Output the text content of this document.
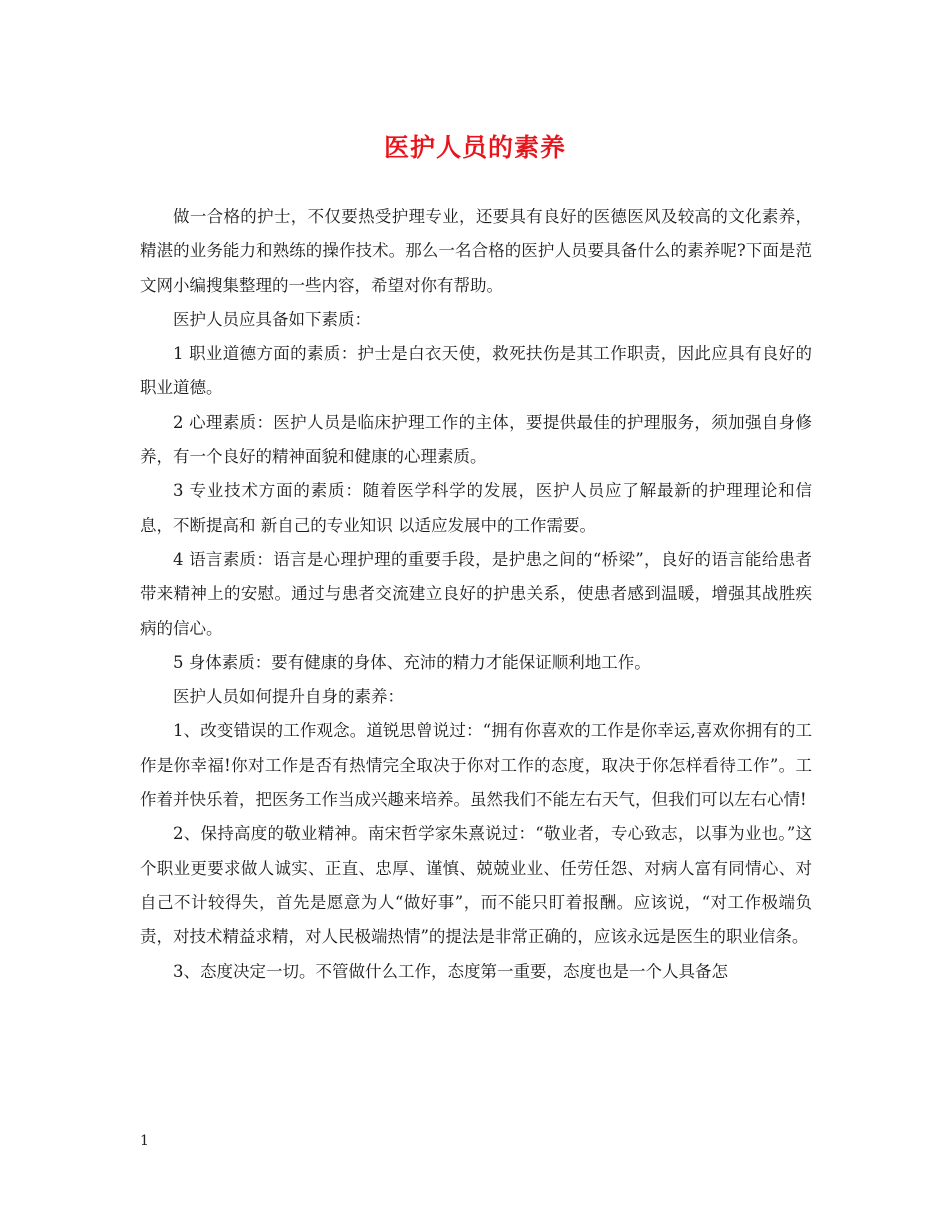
医护人员的素养

做一合格的护士，不仅要热受护理专业，还要具有良好的医德医风及较高的文化素养，精湛的业务能力和熟练的操作技术。那么一名合格的医护人员要具备什么的素养呢?下面是范文网小编搜集整理的一些内容，希望对你有帮助。

医护人员应具备如下素质：

1 职业道德方面的素质：护士是白衣天使，救死扶伤是其工作职责，因此应具有良好的职业道德。

2 心理素质：医护人员是临床护理工作的主体，要提供最佳的护理服务，须加强自身修养，有一个良好的精神面貌和健康的心理素质。

3 专业技术方面的素质：随着医学科学的发展，医护人员应了解最新的护理理论和信息，不断提高和 新自己的专业知识 以适应发展中的工作需要。

4 语言素质：语言是心理护理的重要手段，是护患之间的“桥梁”，良好的语言能给患者带来精神上的安慰。通过与患者交流建立良好的护患关系，使患者感到温暖，增强其战胜疾病的信心。

5 身体素质：要有健康的身体、充沛的精力才能保证顺利地工作。

医护人员如何提升自身的素养：

1、改变错误的工作观念。道锐思曾说过：“拥有你喜欢的工作是你幸运,喜欢你拥有的工作是你幸福!你对工作是否有热情完全取决于你对工作的态度，取决于你怎样看待工作”。工作着并快乐着，把医务工作当成兴趣来培养。虽然我们不能左右天气，但我们可以左右心情!

2、保持高度的敬业精神。南宋哲学家朱熹说过：“敬业者，专心致志，以事为业也。”这个职业更要求做人诚实、正直、忠厚、谨慎、兢兢业业、任劳任怨、对病人富有同情心、对自己不计较得失，首先是愿意为人“做好事”，而不能只盯着报酬。应该说，“对工作极端负责，对技术精益求精，对人民极端热情”的提法是非常正确的，应该永远是医生的职业信条。

3、态度决定一切。不管做什么工作，态度第一重要，态度也是一个人具备怎

1
